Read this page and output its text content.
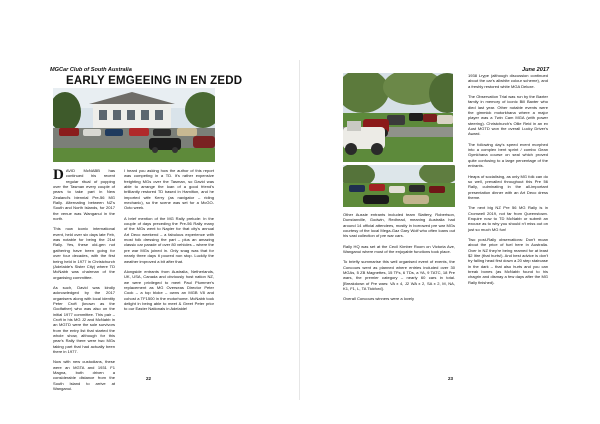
MGCar Club of South Australia
EARLY EMGEEING IN EN ZEDD

DAVID McNABB has continued his recent regular ritual of popping over the Tasman every couple of years to take part in New Zealand's biennial Pre-56 MG Rally. Alternating between NZ's South and North Islands, for 2017 the venue was Wanganui in the north.

This now iconic international event, held over six days late Feb, was notable for being the 21st Rally. Yes, these old-gen not gathering have been going for over four decades, with the first being held in 1977 in Christchurch (Adelaide's Sister City) where TD McNabb was chairman of the organising committee.

As such, David was kindly acknowledged by the 2017 organisers along with local identity Peter Croft (known as the Godfather) who was also on the initial 1977 committee. This pair – Croft in his MG J2 and McNabb in an MGTD were the sole survivors from the entry list that started the whole show, although for this year's Rally there were two MGs taking part that had actually been there in 1977.

Now with new custodians, these were an MGTA and 1931 F1 Magna, both driven a considerable distance from the South Island to arrive at Wanganui.

I heard you asking how the author of this report was competing in a TD. It's rather expensive freighting MGs over the Tasman, so David was able to arrange the loan of a good friend's brilliantly restored TD based in Hamilton, and he imported wife Kerry (as navigator – riding mechanic), so the scene was set for a McGO-Octo week.

A brief mention of the MG Rally prelude: In the couple of days preceding the Pre-56 Rally many of the MGs went to Napier for that city's annual Art Deco weekend – a fabulous experience with most folk dressing the part – plus an amazing classic car parade of over 80 vehicles – where the pre war MGs joined in. Only snag was that for nearly three days it poured non stop. Luckily the weather improved a bit after that.

Alongside entrants from Australia, Netherlands, UK, USA, Canada and obviously host nation NZ, we were privileged to meet Paul Plummer's replacement as MG Overseas Director Peter Cook – a top bloke – owns an MGB V8 and cohost a TF1500 in the motorhome. McNabb took delight in being able to meet & Greet Peter prior to our Easter Nationals in Adelaide!

22
June 2017

Other Aussie entrants included team Slattery, Robertson, Dunstanville, Godwin, Redhead, meaning Australia had around 14 official attendees, mostly in borrowed pre war MGs courtesy of the local Mega-Gaz Gary Wolf who often loans out his vast collection of pre war cars.

Rally HQ was set at the Cecil Kimber Room on Victoria Ave, Wanganui where most of the enjoyable functions took place.

To briefly summarise this well organised event of events, the Concours went as planned where entries included over 30 MGAs, 5 ZB Magnettes, 15 TFs, 6 TDs, a YA, 9 TATC, 18 Pre wars, the premier category – nearly 60 cars in total. [Breakdown of Pre wars: VA x 4, J2 WA x 2, SA x 2, M, NA, K1, F1, L, TA Tickford].

Overall Concours winners were a lovely

1938 Lrype (although discussion continued about the car's allwhite colour scheme), and a freshly restored white MGA Deluxe.

The Observation Trial was run by the Baxter family in memory of iconic Bill Baxter who died last year. Other notable events were the gimmick motorkhana where a major player was a Twin Cam MGA (with power steering). Christchurch's Ollie Reid in an ex Aust MGTD won the overall Lucky Driver's Award.

The following day's speed event morphed into a complex bent sprint / combo Gean Gymkhana course on seal which proved quite confusing to a large percentage of the entrants.

Heaps of socialising, as only MG folk can do so well, prevailed throughout this Pre 56 Rally, culminating in the all-important presentation dinner with an Art Deco dress theme.

The next big NZ Pre 56 MG Rally is in Cromwell 2019, not far from Queenstown. Enquire now to TD McNabb or submit an excuse as to why you should n't miss out on just so much MG fun!

Two post-Rally observations: Don't moan about the price of fuel here in Australia. Over in NZ they're being reamed for at least $2 litre (that hurts!). And best advice is don't try falling head first down a 20 step staircase in the dark – that also hurts and you can break bones (as McNabb found to his chagrin and dismay a few days after the MG Rally finished).

23
